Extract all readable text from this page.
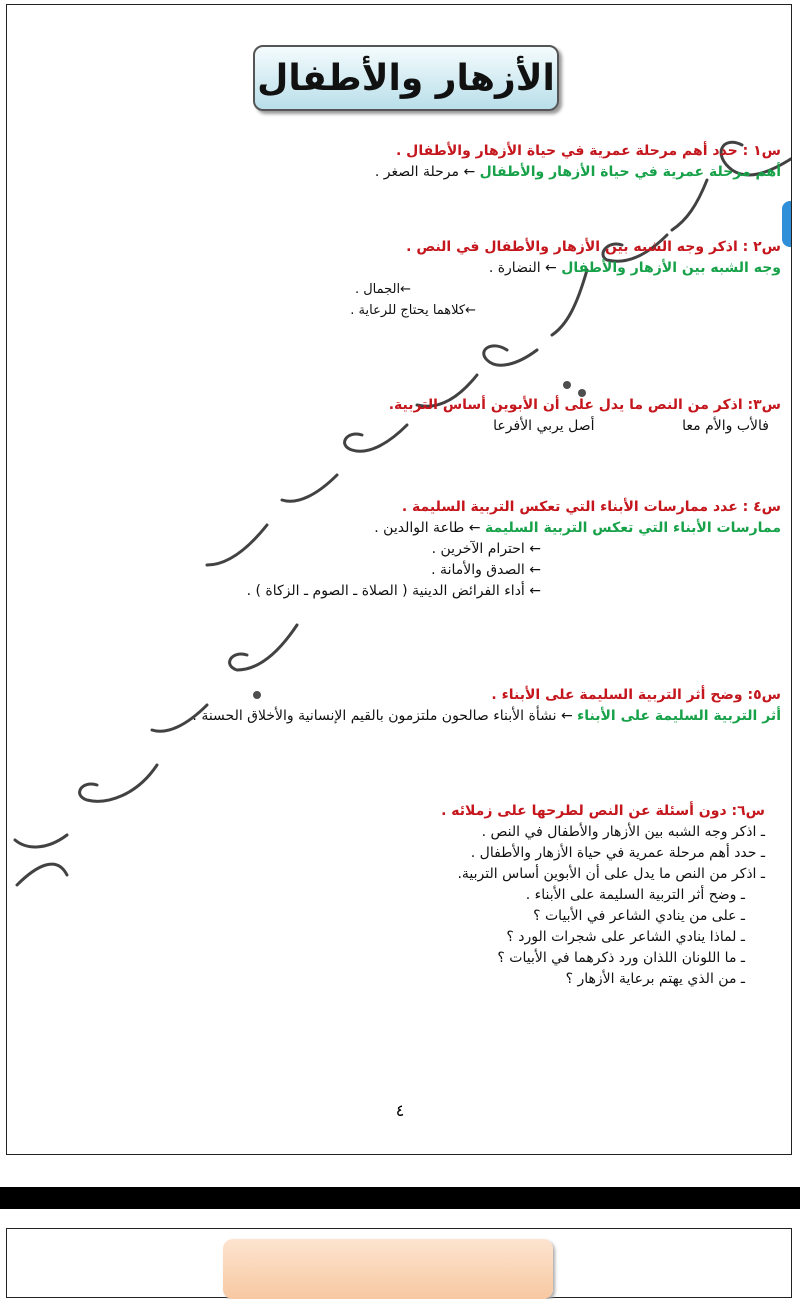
الأزهار والأطفال
س١ : حدد أهم مرحلة عمرية في حياة الأزهار والأطفال .
أهم مرحلة عمرية في حياة الأزهار والأطفال ← مرحلة الصغر .
س٢ : اذكر وجه الشبه بين الأزهار والأطفال في النص .
وجه الشبه بين الأزهار والأطفال ← النضارة .
←الجمال .
←كلاهما يحتاج للرعاية .
س٣: اذكر من النص ما يدل على أن الأبوين أساس التربية.
فالأب والأم معا أصل يربي الأفرعا
س٤ : عدد ممارسات الأبناء التي تعكس التربية السليمة .
ممارسات الأبناء التي تعكس التربية السليمة ← طاعة الوالدين .
← احترام الآخرين .
← الصدق والأمانة .
← أداء الفرائض الدينية ( الصلاة ـ الصوم ـ الزكاة ) .
س٥: وضح أثر التربية السليمة على الأبناء .
أثر التربية السليمة على الأبناء ← نشأة الأبناء صالحون ملتزمون بالقيم الإنسانية والأخلاق الحسنة .
س٦: دون أسئلة عن النص لطرحها على زملائه .
ـ اذكر وجه الشبه بين الأزهار والأطفال في النص .
ـ حدد أهم مرحلة عمرية في حياة الأزهار والأطفال .
ـ اذكر من النص ما يدل على أن الأبوين أساس التربية.
ـ وضح أثر التربية السليمة على الأبناء .
ـ على من ينادي الشاعر في الأبيات ؟
ـ لماذا ينادي الشاعر على شجرات الورد ؟
ـ ما اللونان اللذان ورد ذكرهما في الأبيات ؟
ـ من الذي يهتم برعاية الأزهار ؟
٤
